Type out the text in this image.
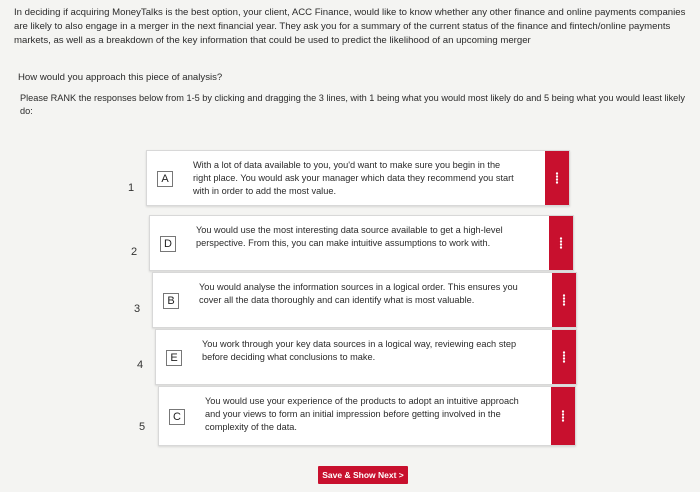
In deciding if acquiring MoneyTalks is the best option, your client, ACC Finance, would like to know whether any other finance and online payments companies are likely to also engage in a merger in the next financial year. They ask you for a summary of the current status of the finance and fintech/online payments markets, as well as a breakdown of the key information that could be used to predict the likelihood of an upcoming merger
How would you approach this piece of analysis?
Please RANK the responses below from 1-5 by clicking and dragging the 3 lines, with 1 being what you would most likely do and 5 being what you would least likely do:
1
A
With a lot of data available to you, you'd want to make sure you begin in the right place. You would ask your manager which data they recommend you start with in order to add the most value.
2
D
You would use the most interesting data source available to get a high-level perspective. From this, you can make intuitive assumptions to work with.
3
B
You would analyse the information sources in a logical order. This ensures you cover all the data thoroughly and can identify what is most valuable.
4
E
You work through your key data sources in a logical way, reviewing each step before deciding what conclusions to make.
5
C
You would use your experience of the products to adopt an intuitive approach and your views to form an initial impression before getting involved in the complexity of the data.
Save & Show Next >
